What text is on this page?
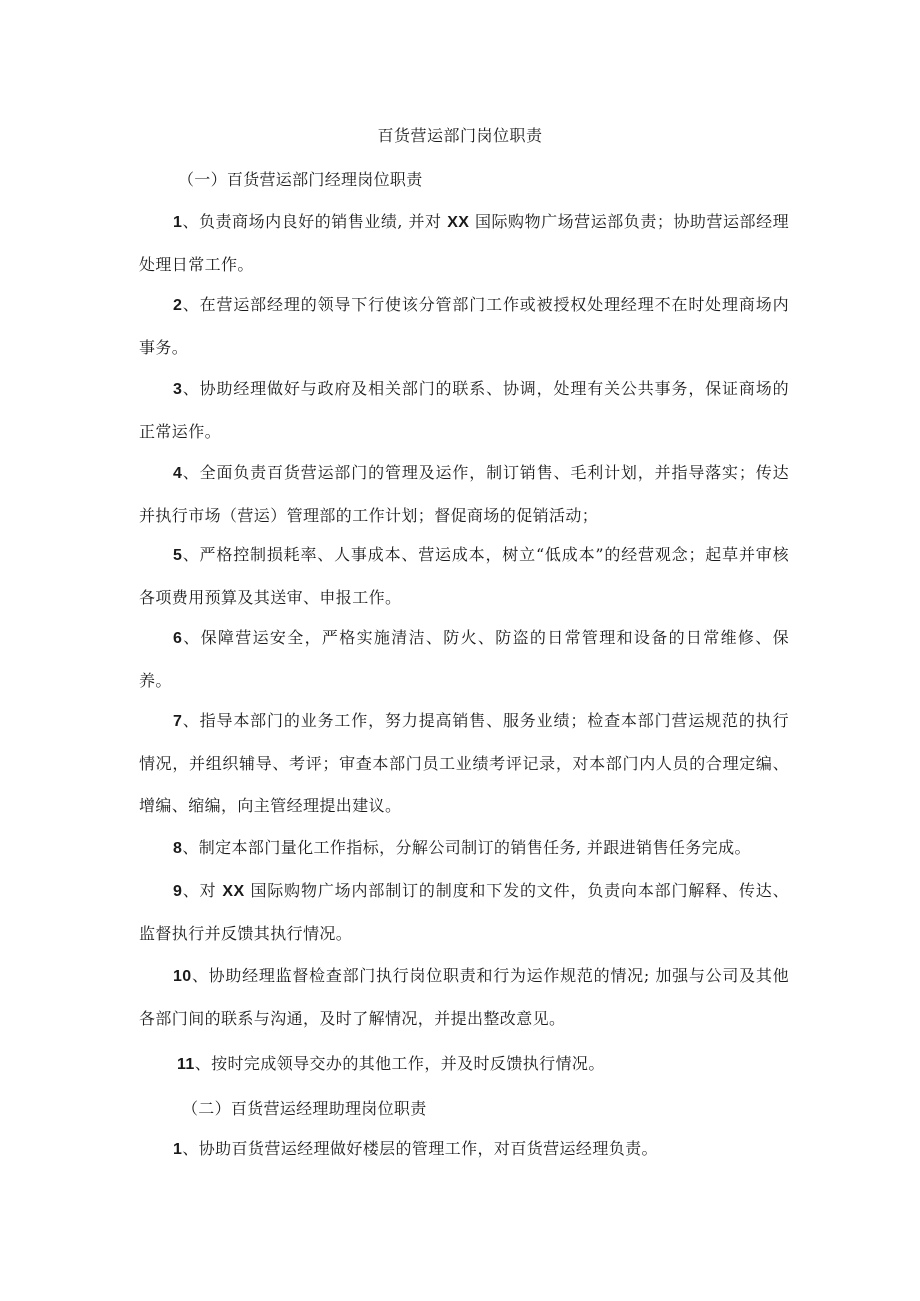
百货营运部门岗位职责
（一）百货营运部门经理岗位职责
1、负责商场内良好的销售业绩, 并对 XX 国际购物广场营运部负责；协助营运部经理处理日常工作。
2、在营运部经理的领导下行使该分管部门工作或被授权处理经理不在时处理商场内事务。
3、协助经理做好与政府及相关部门的联系、协调，处理有关公共事务，保证商场的正常运作。
4、全面负责百货营运部门的管理及运作，制订销售、毛利计划，并指导落实；传达并执行市场（营运）管理部的工作计划；督促商场的促销活动；
5、严格控制损耗率、人事成本、营运成本，树立“低成本”的经营观念；起草并审核各项费用预算及其送审、申报工作。
6、保障营运安全，严格实施清洁、防火、防盗的日常管理和设备的日常维修、保养。
7、指导本部门的业务工作，努力提高销售、服务业绩；检查本部门营运规范的执行情况，并组织辅导、考评；审查本部门员工业绩考评记录，对本部门内人员的合理定编、增编、缩编，向主管经理提出建议。
8、制定本部门量化工作指标，分解公司制订的销售任务, 并跟进销售任务完成。
9、对 XX 国际购物广场内部制订的制度和下发的文件，负责向本部门解释、传达、监督执行并反馈其执行情况。
10、协助经理监督检查部门执行岗位职责和行为运作规范的情况; 加强与公司及其他各部门间的联系与沟通，及时了解情况，并提出整改意见。
11、按时完成领导交办的其他工作，并及时反馈执行情况。
（二）百货营运经理助理岗位职责
1、协助百货营运经理做好楼层的管理工作，对百货营运经理负责。
